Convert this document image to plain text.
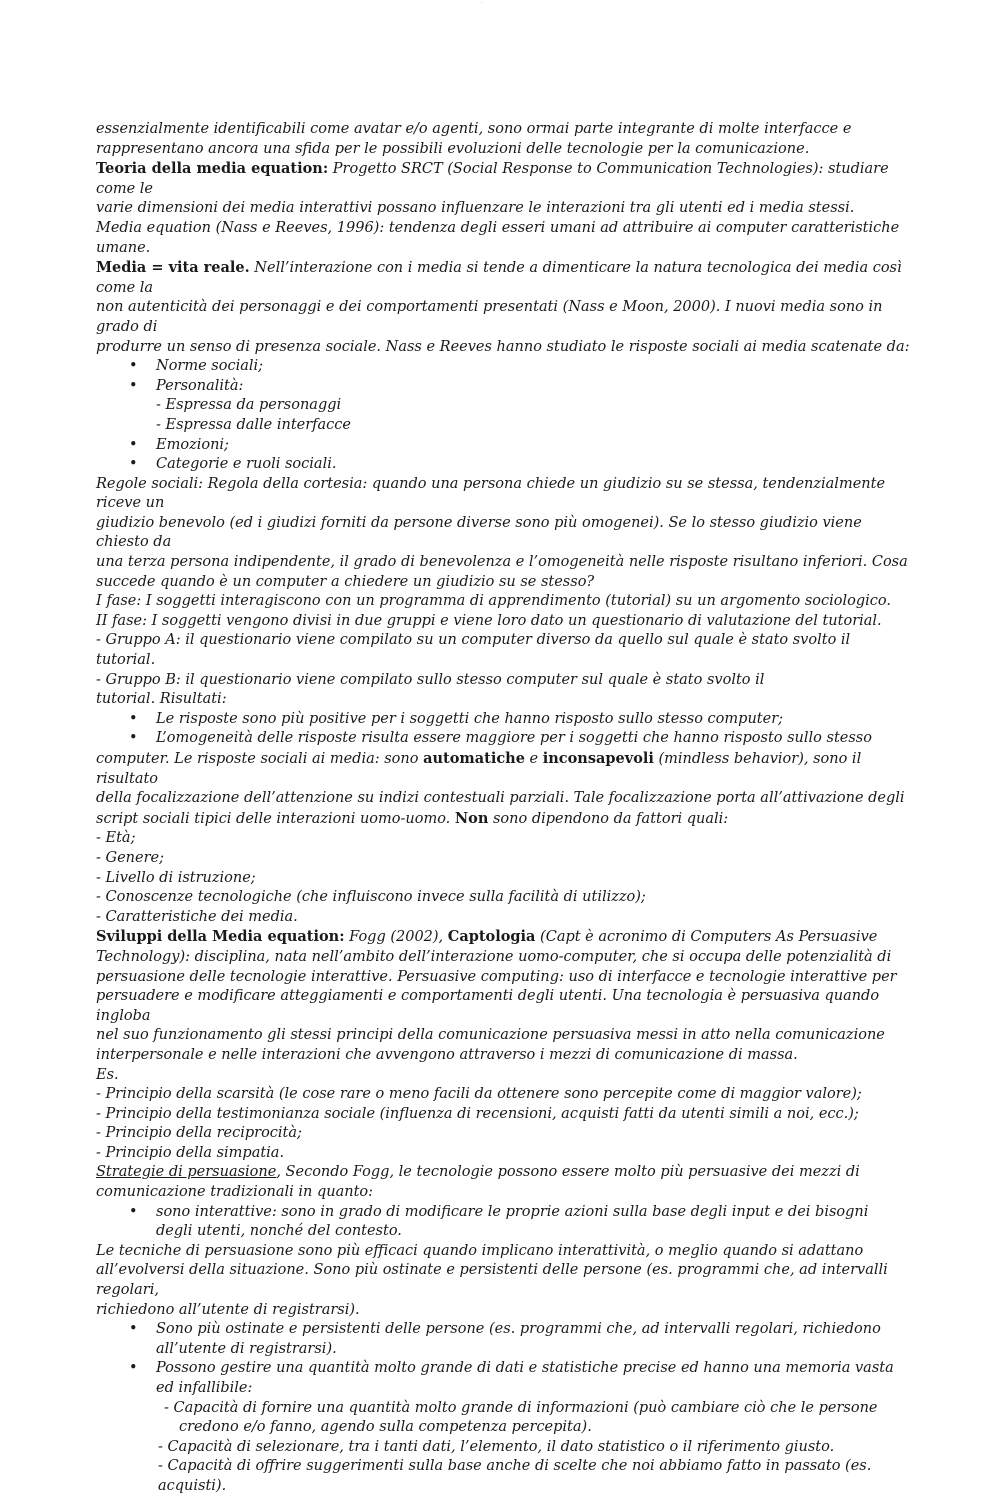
—

essenzialmente identificabili come avatar e/o agenti, sono ormai parte integrante di molte interfacce e

rappresentano ancora una sfida per le possibili evoluzioni delle tecnologie per la comunicazione.

Teoria della media equation: Progetto SRCT (Social Response to Communication Technologies): studiare come le

varie dimensioni dei media interattivi possano influenzare le interazioni tra gli utenti ed i media stessi.

Media equation (Nass e Reeves, 1996): tendenza degli esseri umani ad attribuire ai computer caratteristiche umane.

Media = vita reale. Nell’interazione con i media si tende a dimenticare la natura tecnologica dei media così come la

non autenticità dei personaggi e dei comportamenti presentati (Nass e Moon, 2000). I nuovi media sono in grado di

produrre un senso di presenza sociale. Nass e Reeves hanno studiato le risposte sociali ai media scatenate da:

• Norme sociali;
• Personalità:
- Espressa da personaggi
- Espressa dalle interfacce
• Emozioni;
• Categorie e ruoli sociali.

Regole sociali: Regola della cortesia: quando una persona chiede un giudizio su se stessa, tendenzialmente riceve un

giudizio benevolo (ed i giudizi forniti da persone diverse sono più omogenei). Se lo stesso giudizio viene chiesto da

una terza persona indipendente, il grado di benevolenza e l’omogeneità nelle risposte risultano inferiori. Cosa

succede quando è un computer a chiedere un giudizio su se stesso?

I fase: I soggetti interagiscono con un programma di apprendimento (tutorial) su un argomento sociologico.

II fase: I soggetti vengono divisi in due gruppi e viene loro dato un questionario di valutazione del tutorial.

- Gruppo A: il questionario viene compilato su un computer diverso da quello sul quale è stato svolto il tutorial.

- Gruppo B: il questionario viene compilato sullo stesso computer sul quale è stato svolto il

tutorial. Risultati:

• Le risposte sono più positive per i soggetti che hanno risposto sullo stesso computer;
• L’omogeneità delle risposte risulta essere maggiore per i soggetti che hanno risposto sullo stesso

computer. Le risposte sociali ai media: sono automatiche e inconsapevoli (mindless behavior), sono il risultato

della focalizzazione dell’attenzione su indizi contestuali parziali. Tale focalizzazione porta all’attivazione degli

script sociali tipici delle interazioni uomo-uomo. Non sono dipendono da fattori quali:

- Età;

- Genere;

- Livello di istruzione;

- Conoscenze tecnologiche (che influiscono invece sulla facilità di utilizzo);

- Caratteristiche dei media.

Sviluppi della Media equation: Fogg (2002), Captologia (Capt è acronimo di Computers As Persuasive

Technology): disciplina, nata nell’ambito dell’interazione uomo-computer, che si occupa delle potenzialità di

persuasione delle tecnologie interattive. Persuasive computing: uso di interfacce e tecnologie interattive per

persuadere e modificare atteggiamenti e comportamenti degli utenti. Una tecnologia è persuasiva quando ingloba

nel suo funzionamento gli stessi principi della comunicazione persuasiva messi in atto nella comunicazione

interpersonale e nelle interazioni che avvengono attraverso i mezzi di comunicazione di massa.

Es.

- Principio della scarsità (le cose rare o meno facili da ottenere sono percepite come di maggior valore);

- Principio della testimonianza sociale (influenza di recensioni, acquisti fatti da utenti simili a noi, ecc.);

- Principio della reciprocità;

- Principio della simpatia.

Strategie di persuasione, Secondo Fogg, le tecnologie possono essere molto più persuasive dei mezzi di

comunicazione tradizionali in quanto:

• sono interattive: sono in grado di modificare le proprie azioni sulla base degli input e dei bisogni
degli utenti, nonché del contesto.

Le tecniche di persuasione sono più efficaci quando implicano interattività, o meglio quando si adattano

all’evolversi della situazione. Sono più ostinate e persistenti delle persone (es. programmi che, ad intervalli regolari,

richiedono all’utente di registrarsi).

• Sono più ostinate e persistenti delle persone (es. programmi che, ad intervalli regolari, richiedono
all’utente di registrarsi).
• Possono gestire una quantità molto grande di dati e statistiche precise ed hanno una memoria vasta
ed infallibile:
- Capacità di fornire una quantità molto grande di informazioni (può cambiare ciò che le persone
credono e/o fanno, agendo sulla competenza percepita).
- Capacità di selezionare, tra i tanti dati, l’elemento, il dato statistico o il riferimento giusto.
- Capacità di offrire suggerimenti sulla base anche di scelte che noi abbiamo fatto in passato (es. acquisti).
